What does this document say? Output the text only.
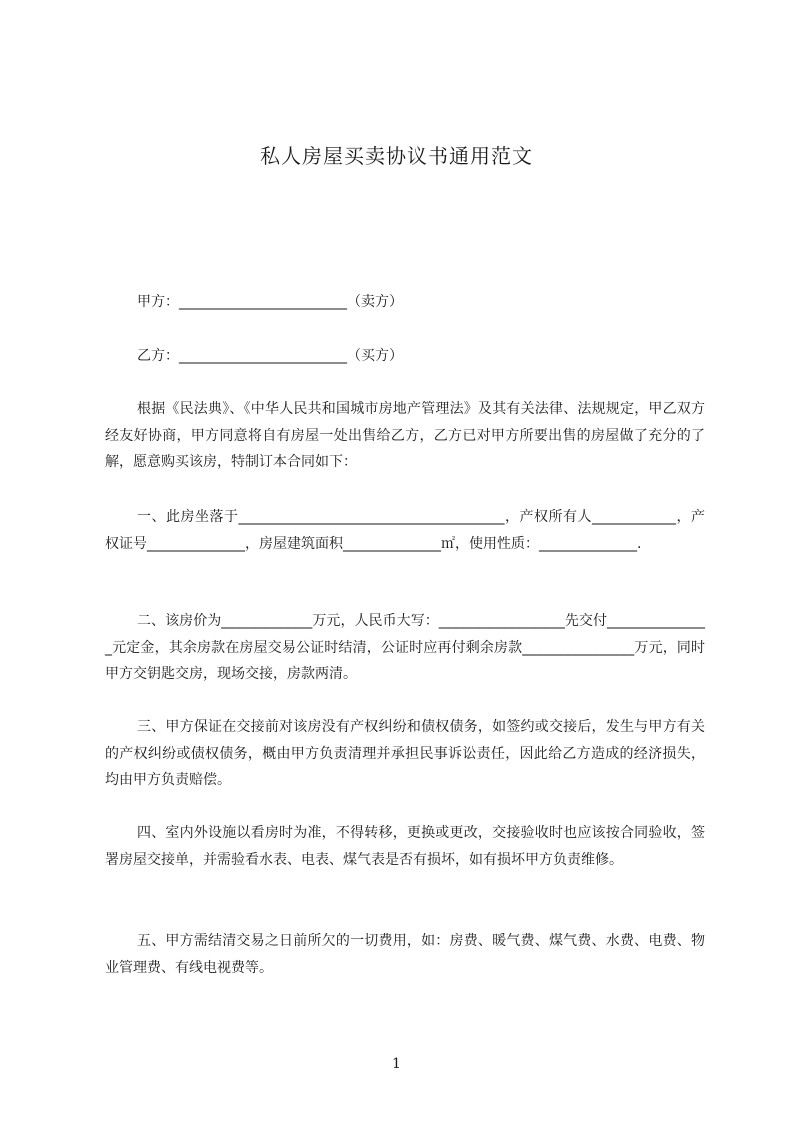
私人房屋买卖协议书通用范文
甲方：________________________（卖方）
乙方：________________________（买方）

根据《民法典》、《中华人民共和国城市房地产管理法》及其有关法律、法规规定，甲乙双方经友好协商，甲方同意将自有房屋一处出售给乙方，乙方已对甲方所要出售的房屋做了充分的了解，愿意购买该房，特制订本合同如下：

一、此房坐落于______________________________________，产权所有人____________，产权证号______________，房屋建筑面积______________㎡，使用性质：______________.

二、该房价为_____________万元，人民币大写：__________________先交付_______________元定金，其余房款在房屋交易公证时结清，公证时应再付剩余房款________________万元，同时甲方交钥匙交房，现场交接，房款两清。

三、甲方保证在交接前对该房没有产权纠纷和债权债务，如签约或交接后，发生与甲方有关的产权纠纷或债权债务，概由甲方负责清理并承担民事诉讼责任，因此给乙方造成的经济损失，均由甲方负责赔偿。

四、室内外设施以看房时为准，不得转移，更换或更改，交接验收时也应该按合同验收，签署房屋交接单，并需验看水表、电表、煤气表是否有损坏，如有损坏甲方负责维修。

五、甲方需结清交易之日前所欠的一切费用，如：房费、暖气费、煤气费、水费、电费、物业管理费、有线电视费等。

1
